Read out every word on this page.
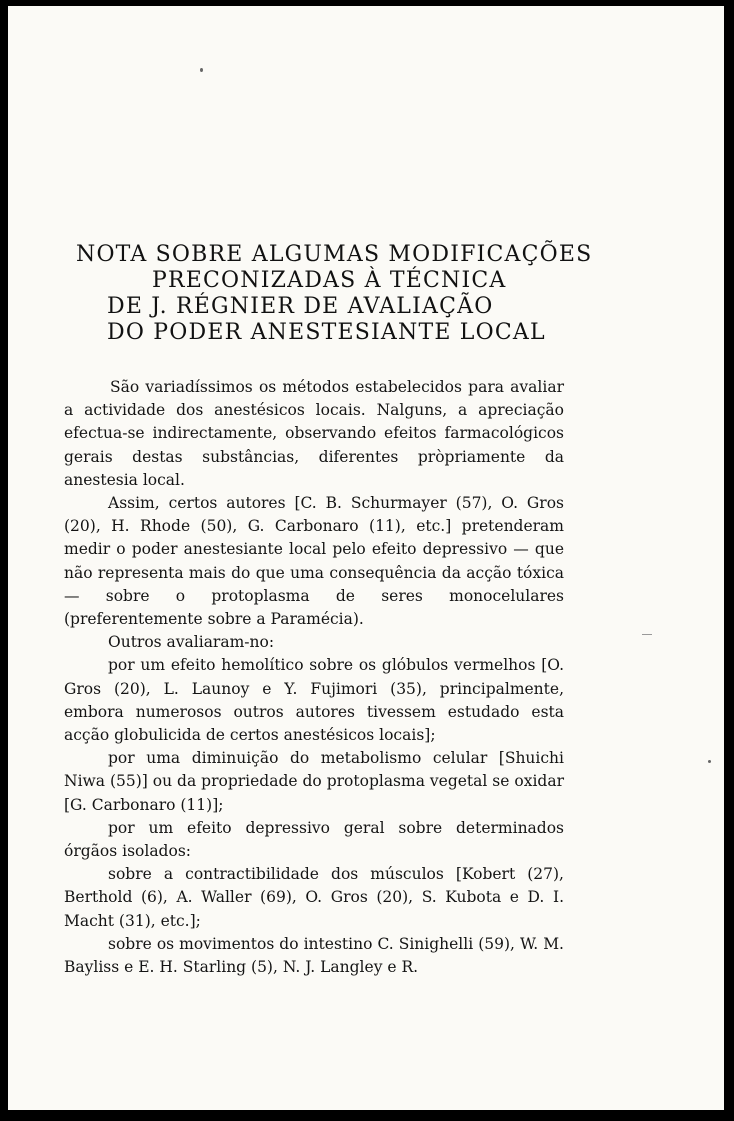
NOTA SOBRE ALGUMAS MODIFICAÇÕES
PRECONIZADAS À TÉCNICA
DE J. RÉGNIER DE AVALIAÇÃO
DO PODER ANESTESIANTE LOCAL

São variadíssimos os métodos estabelecidos para avaliar a actividade dos anestésicos locais. Nalguns, a apreciação efectua-se indirectamente, observando efeitos farmacológicos gerais destas substâncias, diferentes pròpriamente da anestesia local.

Assim, certos autores [C. B. Schurmayer (57), O. Gros (20), H. Rhode (50), G. Carbonaro (11), etc.] pretenderam medir o poder anestesiante local pelo efeito depressivo — que não representa mais do que uma consequência da acção tóxica — sobre o protoplasma de seres monocelulares (preferentemente sobre a Paramécia).

Outros avaliaram-no:

por um efeito hemolítico sobre os glóbulos vermelhos [O. Gros (20), L. Launoy e Y. Fujimori (35), principalmente, embora numerosos outros autores tivessem estudado esta acção globulicida de certos anestésicos locais];

por uma diminuição do metabolismo celular [Shuichi Niwa (55)] ou da propriedade do protoplasma vegetal se oxidar [G. Carbonaro (11)];

por um efeito depressivo geral sobre determinados órgãos isolados:

sobre a contractibilidade dos músculos [Kobert (27), Berthold (6), A. Waller (69), O. Gros (20), S. Kubota e D. I. Macht (31), etc.];

sobre os movimentos do intestino C. Sinighelli (59), W. M. Bayliss e E. H. Starling (5), N. J. Langley e R.
